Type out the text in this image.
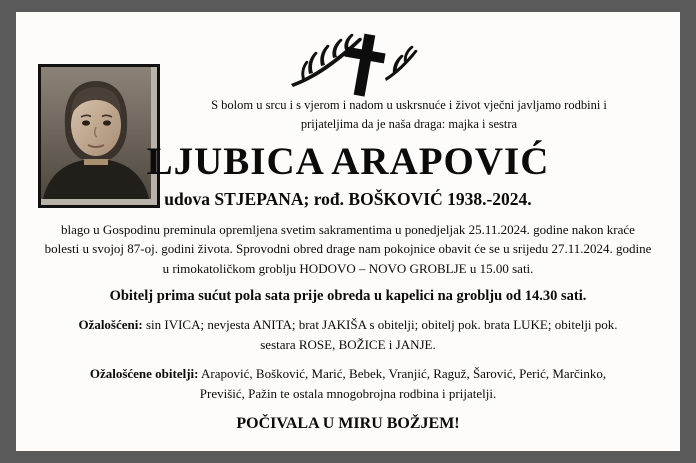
S bolom u srcu i s vjerom i nadom u uskrsnuće i život vječni javljamo rodbini i prijateljima da je naša draga: majka i sestra

LJUBICA ARAPOVIĆ

udova STJEPANA; rođ. BOŠKOVIĆ 1938.-2024.

blago u Gospodinu preminula opremljena svetim sakramentima u ponedjeljak 25.11.2024. godine nakon kraće bolesti u svojoj 87-oj. godini života. Sprovodni obred drage nam pokojnice obavit će se u srijedu 27.11.2024. godine u rimokatoličkom groblju HODOVO – NOVO GROBLJE u 15.00 sati.

Obitelj prima sućut pola sata prije obreda u kapelici na groblju od 14.30 sati.

Ožalošćeni: sin IVICA; nevjesta ANITA; brat JAKIŠA s obitelji; obitelj pok. brata LUKE; obitelji pok. sestara ROSE, BOŽICE i JANJE.

Ožalošćene obitelji: Arapović, Bošković, Marić, Bebek, Vranjić, Raguž, Šarović, Perić, Marčinko, Previšić, Pažin te ostala mnogobrojna rodbina i prijatelji.

POČIVALA U MIRU BOŽJEM!
